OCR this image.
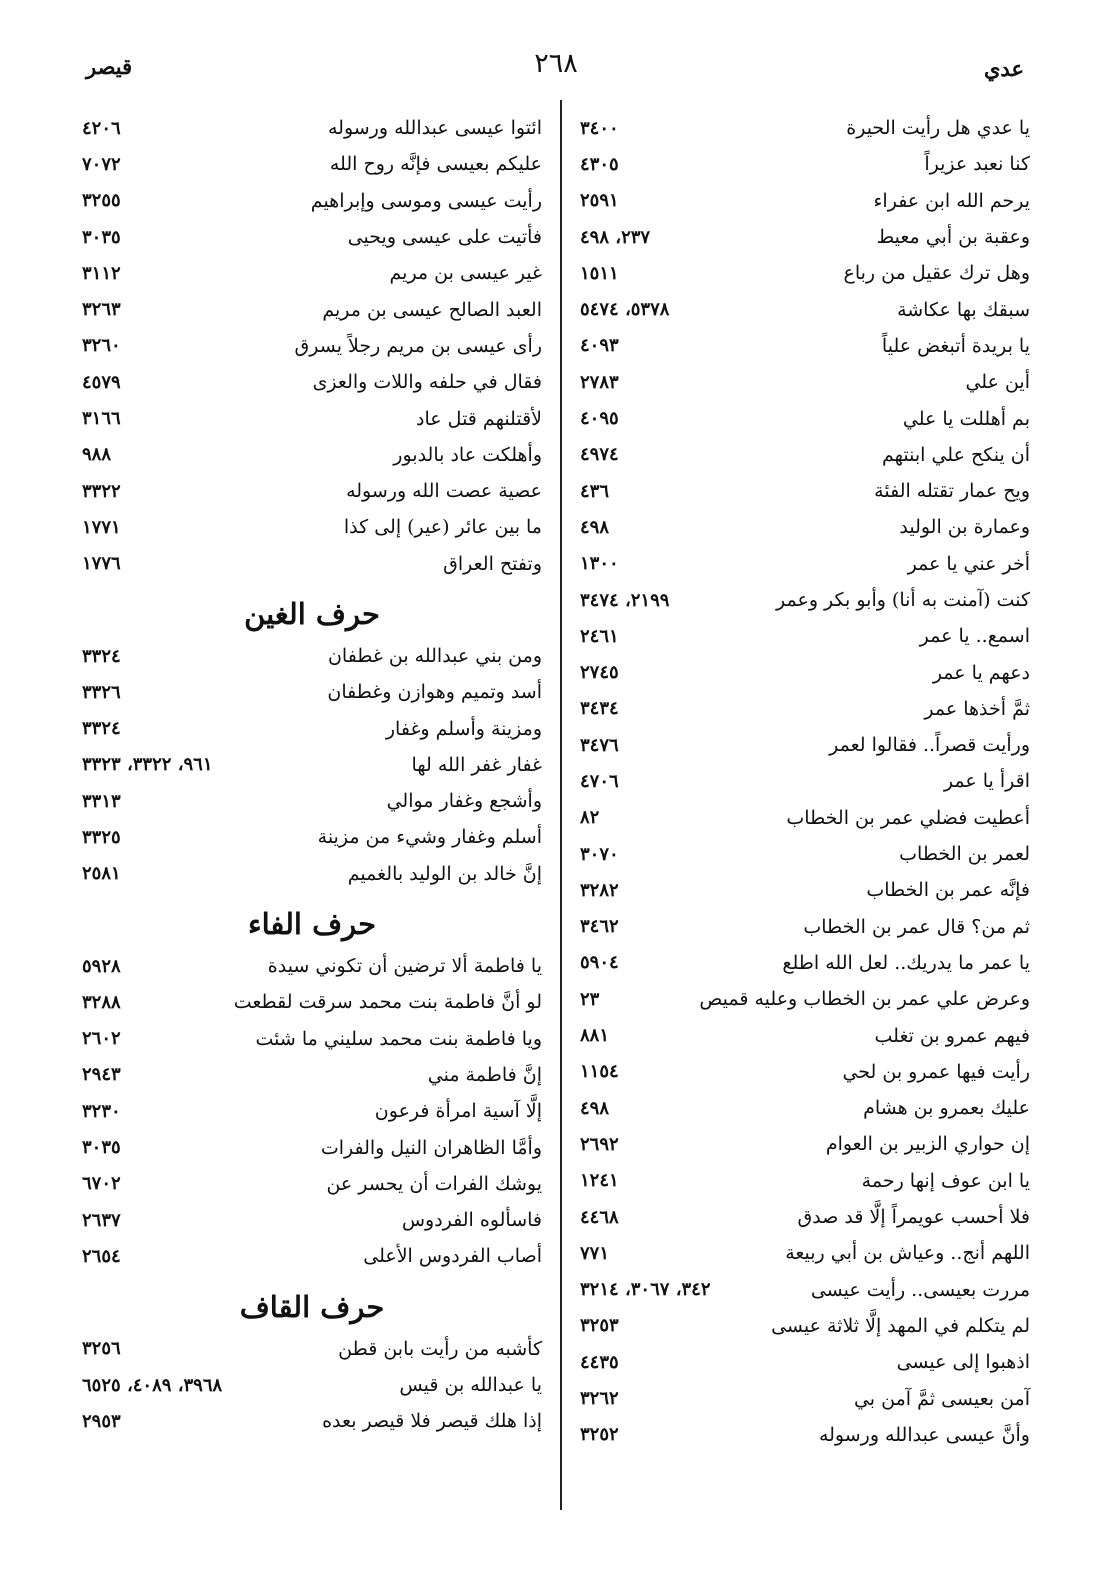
عدي
٢٦٨
قيصر
يا عدي هل رأيت الحيرة
٣٤٠٠
كنا نعبد عزيراً
٤٣٠٥
يرحم الله ابن عفراء
٢٥٩١
وعقبة بن أبي معيط
٢٣٧، ٤٩٨
وهل ترك عقيل من رباع
١٥١١
سبقك بها عكاشة
٥٣٧٨، ٥٤٧٤
يا بريدة أتبغض علياً
٤٠٩٣
أين علي
٢٧٨٣
بم أهللت يا علي
٤٠٩٥
أن ينكح علي ابنتهم
٤٩٧٤
ويح عمار تقتله الفئة
٤٣٦
وعمارة بن الوليد
٤٩٨
أخر عني يا عمر
١٣٠٠
كنت (آمنت به أنا) وأبو بكر وعمر
٢١٩٩، ٣٤٧٤
اسمع.. يا عمر
٢٤٦١
دعهم يا عمر
٢٧٤٥
ثمَّ أخذها عمر
٣٤٣٤
ورأيت قصراً.. فقالوا لعمر
٣٤٧٦
اقرأ يا عمر
٤٧٠٦
أعطيت فضلي عمر بن الخطاب
٨٢
لعمر بن الخطاب
٣٠٧٠
فإنَّه عمر بن الخطاب
٣٢٨٢
ثم من؟ قال عمر بن الخطاب
٣٤٦٢
يا عمر ما يدريك.. لعل الله اطلع
٥٩٠٤
وعرض علي عمر بن الخطاب وعليه قميص
٢٣
فيهم عمرو بن تغلب
٨٨١
رأيت فيها عمرو بن لحي
١١٥٤
عليك بعمرو بن هشام
٤٩٨
إن حواري الزبير بن العوام
٢٦٩٢
يا ابن عوف إنها رحمة
١٢٤١
فلا أحسب عويمراً إلَّا قد صدق
٤٤٦٨
اللهم أنج.. وعياش بن أبي ربيعة
٧٧١
مررت بعيسى.. رأيت عيسى
٣٤٢، ٣٠٦٧، ٣٢١٤
لم يتكلم في المهد إلَّا ثلاثة عيسى
٣٢٥٣
اذهبوا إلى عيسى
٤٤٣٥
آمن بعيسى ثمَّ آمن بي
٣٢٦٢
وأنَّ عيسى عبدالله ورسوله
٣٢٥٢
ائتوا عيسى عبدالله ورسوله
٤٢٠٦
عليكم بعيسى فإنَّه روح الله
٧٠٧٢
رأيت عيسى وموسى وإبراهيم
٣٢٥٥
فأتيت على عيسى ويحيى
٣٠٣٥
غير عيسى بن مريم
٣١١٢
العبد الصالح عيسى بن مريم
٣٢٦٣
رأى عيسى بن مريم رجلاً يسرق
٣٢٦٠
فقال في حلفه واللات والعزى
٤٥٧٩
لأقتلنهم قتل عاد
٣١٦٦
وأهلكت عاد بالدبور
٩٨٨
عصية عصت الله ورسوله
٣٣٢٢
ما بين عائر (عير) إلى كذا
١٧٧١
وتفتح العراق
١٧٧٦
حرف الغين
ومن بني عبدالله بن غطفان
٣٣٢٤
أسد وتميم وهوازن وغطفان
٣٣٢٦
ومزينة وأسلم وغفار
٣٣٢٤
غفار غفر الله لها
٩٦١، ٣٣٢٢، ٣٣٢٣
وأشجع وغفار موالي
٣٣١٣
أسلم وغفار وشيء من مزينة
٣٣٢٥
إنَّ خالد بن الوليد بالغميم
٢٥٨١
حرف الفاء
يا فاطمة ألا ترضين أن تكوني سيدة
٥٩٢٨
لو أنَّ فاطمة بنت محمد سرقت لقطعت
٣٢٨٨
ويا فاطمة بنت محمد سليني ما شئت
٢٦٠٢
إنَّ فاطمة مني
٢٩٤٣
إلَّا آسية امرأة فرعون
٣٢٣٠
وأمَّا الظاهران النيل والفرات
٣٠٣٥
يوشك الفرات أن يحسر عن
٦٧٠٢
فاسألوه الفردوس
٢٦٣٧
أصاب الفردوس الأعلى
٢٦٥٤
حرف القاف
كأشبه من رأيت بابن قطن
٣٢٥٦
يا عبدالله بن قيس
٣٩٦٨، ٤٠٨٩، ٦٥٢٥
إذا هلك قيصر فلا قيصر بعده
٢٩٥٣
